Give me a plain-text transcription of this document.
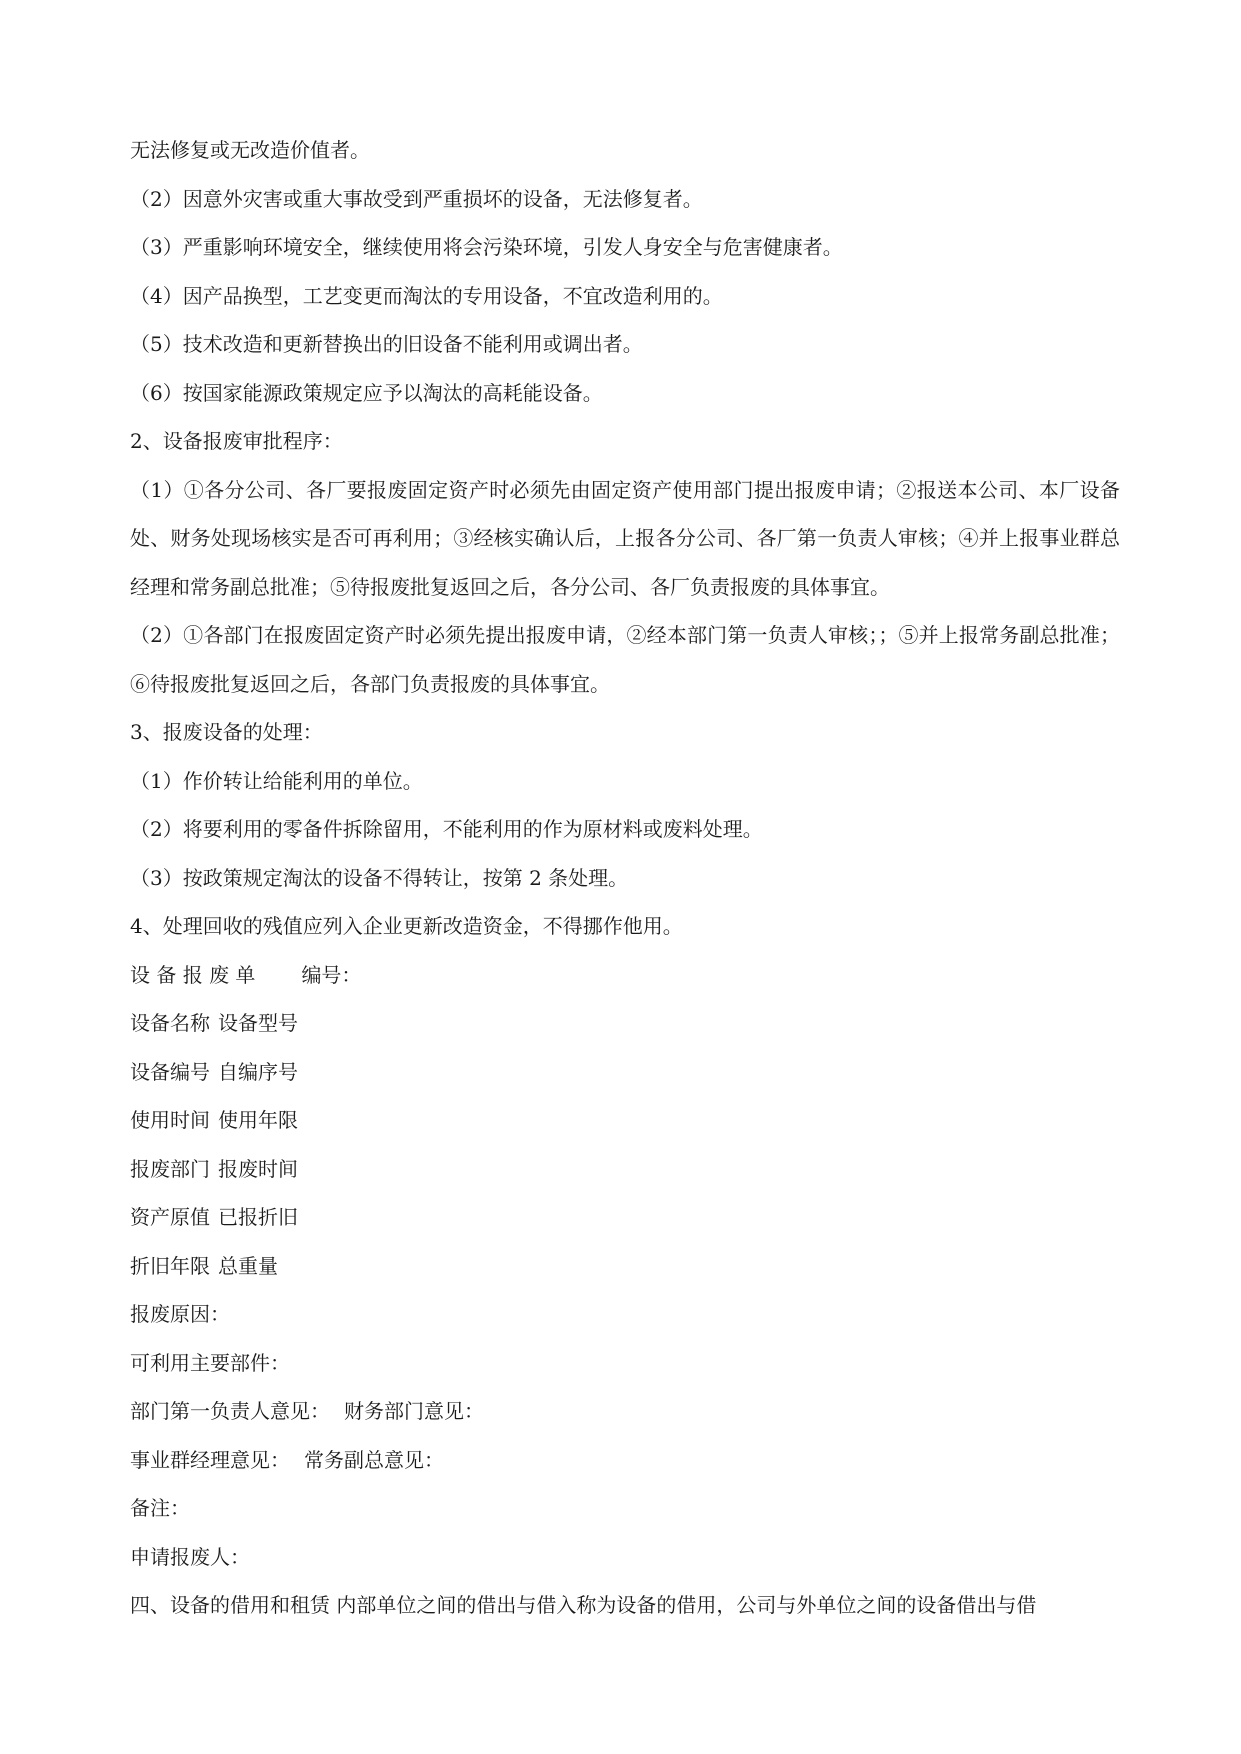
无法修复或无改造价值者。

（2）因意外灾害或重大事故受到严重损坏的设备，无法修复者。

（3）严重影响环境安全，继续使用将会污染环境，引发人身安全与危害健康者。

（4）因产品换型，工艺变更而淘汰的专用设备，不宜改造利用的。

（5）技术改造和更新替换出的旧设备不能利用或调出者。

（6）按国家能源政策规定应予以淘汰的高耗能设备。

2、设备报废审批程序：

（1）①各分公司、各厂要报废固定资产时必须先由固定资产使用部门提出报废申请；②报送本公司、本厂设备处、财务处现场核实是否可再利用；③经核实确认后，上报各分公司、各厂第一负责人审核；④并上报事业群总经理和常务副总批准；⑤待报废批复返回之后，各分公司、各厂负责报废的具体事宜。

（2）①各部门在报废固定资产时必须先提出报废申请，②经本部门第一负责人审核；；⑤并上报常务副总批准；⑥待报废批复返回之后，各部门负责报废的具体事宜。

3、报废设备的处理：

（1）作价转让给能利用的单位。

（2）将要利用的零备件拆除留用，不能利用的作为原材料或废料处理。

（3）按政策规定淘汰的设备不得转让，按第 2 条处理。

4、处理回收的残值应列入企业更新改造资金，不得挪作他用。

设 备 报 废 单 编号：

设备名称 设备型号

设备编号 自编序号

使用时间 使用年限

报废部门 报废时间

资产原值 已报折旧

折旧年限 总重量

报废原因：

可利用主要部件：

部门第一负责人意见： 财务部门意见：

事业群经理意见： 常务副总意见：

备注：

申请报废人：

四、设备的借用和租赁 内部单位之间的借出与借入称为设备的借用，公司与外单位之间的设备借出与借
